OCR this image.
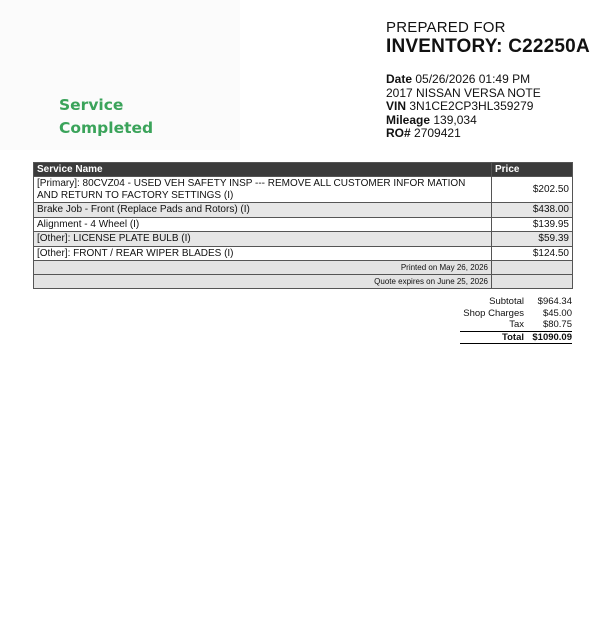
Service
Completed
PREPARED FOR
INVENTORY: C22250A
Date 05/26/2026 01:49 PM
2017 NISSAN VERSA NOTE
VIN 3N1CE2CP3HL359279
Mileage 139,034
RO# 2709421
Service Name	Price
[Primary]: 80CVZ04 - USED VEH SAFETY INSP --- REMOVE ALL CUSTOMER INFOR MATION AND RETURN TO FACTORY SETTINGS (I)	$202.50
Brake Job - Front (Replace Pads and Rotors) (I)	$438.00
Alignment - 4 Wheel (I)	$139.95
[Other]: LICENSE PLATE BULB (I)	$59.39
[Other]: FRONT / REAR WIPER BLADES (I)	$124.50
Printed on May 26, 2026	
Quote expires on June 25, 2026	
Subtotal	$964.34
Shop Charges	$45.00
Tax	$80.75
Total $1090.09
